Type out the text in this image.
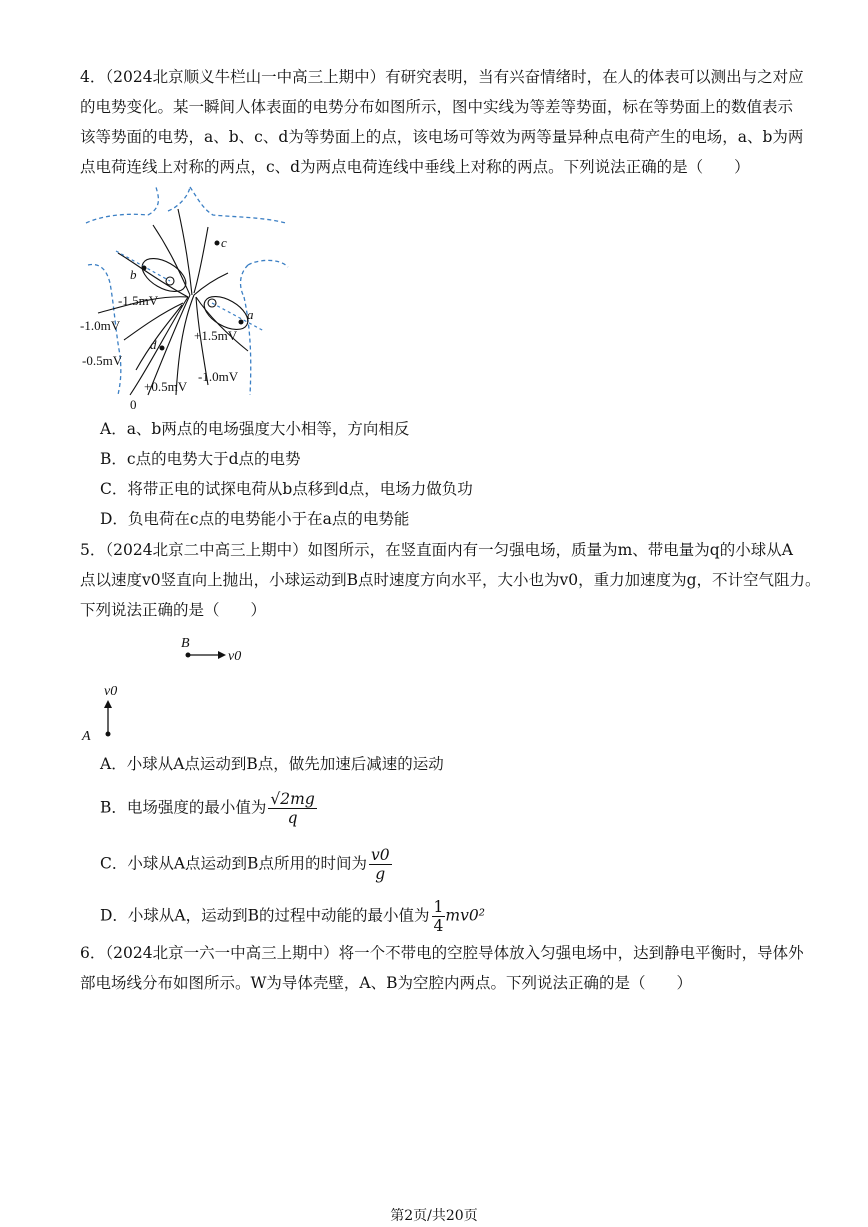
4．（2024北京顺义牛栏山一中高三上期中）有研究表明，当有兴奋情绪时，在人的体表可以测出与之对应
的电势变化。某一瞬间人体表面的电势分布如图所示，图中实线为等差等势面，标在等势面上的数值表示
该等势面的电势，a、b、c、d为等势面上的点，该电场可等效为两等量异种点电荷产生的电场，a、b为两
点电荷连线上对称的两点，c、d为两点电荷连线中垂线上对称的两点。下列说法正确的是（　　）
-1.5mV
-1.0mV
-0.5mV
+0.5mV
+1.5mV
-1.0mV
0
a
b
c
d
A．a、b两点的电场强度大小相等，方向相反
B．c点的电势大于d点的电势
C．将带正电的试探电荷从b点移到d点，电场力做负功
D．负电荷在c点的电势能小于在a点的电势能
5．（2024北京二中高三上期中）如图所示，在竖直面内有一匀强电场，质量为m、带电量为q的小球从A
点以速度v0竖直向上抛出，小球运动到B点时速度方向水平，大小也为v0，重力加速度为g，不计空气阻力。
下列说法正确的是（　　）
B
v0
v0
A
A．小球从A点运动到B点，做先加速后减速的运动
B．电场强度的最小值为 $\frac{√2mg}{q}$
C．小球从A点运动到B点所用的时间为 $\frac{v0}{g}$
D．小球从A，运动到B的过程中动能的最小值为 $\frac{1}{4} mv0^2$
6．（2024北京一六一中高三上期中）将一个不带电的空腔导体放入匀强电场中，达到静电平衡时，导体外
部电场线分布如图所示。W为导体壳壁，A、B为空腔内两点。下列说法正确的是（　　）
第2页/共20页
